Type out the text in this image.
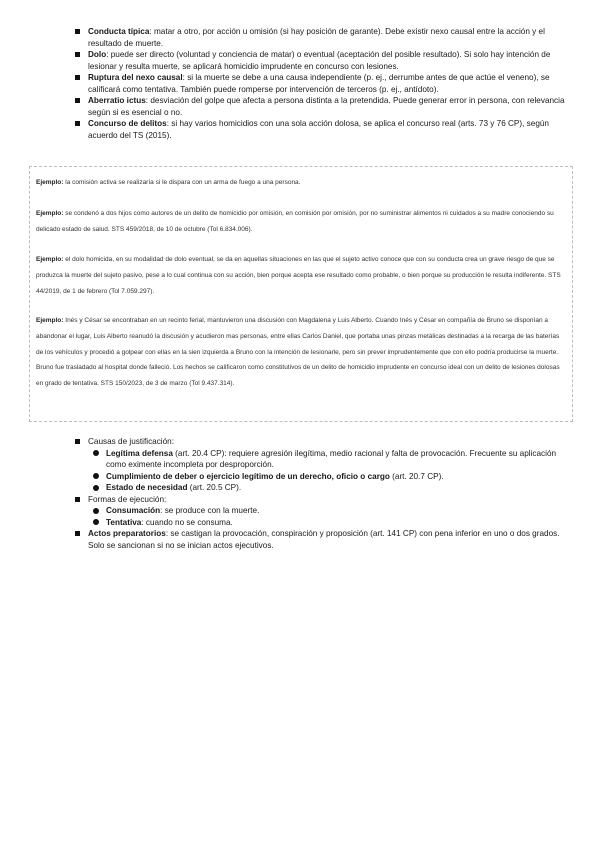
Conducta típica: matar a otro, por acción u omisión (si hay posición de garante). Debe existir nexo causal entre la acción y el resultado de muerte.
Dolo: puede ser directo (voluntad y conciencia de matar) o eventual (aceptación del posible resultado). Si solo hay intención de lesionar y resulta muerte, se aplicará homicidio imprudente en concurso con lesiones.
Ruptura del nexo causal: si la muerte se debe a una causa independiente (p. ej., derrumbe antes de que actúe el veneno), se calificará como tentativa. También puede romperse por intervención de terceros (p. ej., antídoto).
Aberratio ictus: desviación del golpe que afecta a persona distinta a la pretendida. Puede generar error in persona, con relevancia según si es esencial o no.
Concurso de delitos: si hay varios homicidios con una sola acción dolosa, se aplica el concurso real (arts. 73 y 76 CP), según acuerdo del TS (2015).
Ejemplo: la comisión activa se realizaría si le dispara con un arma de fuego a una persona.
Ejemplo: se condenó a dos hijos como autores de un delito de homicidio por omisión, en comisión por omisión, por no suministrar alimentos ni cuidados a su madre conociendo su delicado estado de salud. STS 459/2018, de 10 de octubre (Tol 6.834.006).
Ejemplo: el dolo homicida, en su modalidad de dolo eventual, se da en aquellas situaciones en las que el sujeto activo conoce que con su conducta crea un grave riesgo de que se produzca la muerte del sujeto pasivo, pese a lo cual continua con su acción, bien porque acepta ese resultado como probable, o bien porque su producción le resulta indiferente. STS 44/2019, de 1 de febrero (Tol 7.059.297).
Ejemplo: Inés y César se encontraban en un recinto ferial, mantuvieron una discusión con Magdalena y Luis Alberto. Cuando Inés y César en compañía de Bruno se disponían a abandonar el lugar, Luis Alberto reanudó la discusión y acudieron mas personas, entre ellas Carlos Daniel, que portaba unas pinzas metálicas destinadas a la recarga de las baterías de los vehículos y procedió a golpear con ellas en la sien izquierda a Bruno con la intención de lesionarle, pero sin prever imprudentemente que con ello podría producirse la muerte. Bruno fue trasladado al hospital donde falleció. Los hechos se calificaron como constitutivos de un delito de homicidio imprudente en concurso ideal con un delito de lesiones dolosas en grado de tentativa. STS 150/2023, de 3 de marzo (Tol 9.437.314).
Causas de justificación:
Legítima defensa (art. 20.4 CP): requiere agresión ilegítima, medio racional y falta de provocación. Frecuente su aplicación como eximente incompleta por desproporción.
Cumplimiento de deber o ejercicio legítimo de un derecho, oficio o cargo (art. 20.7 CP).
Estado de necesidad (art. 20.5 CP).
Formas de ejecución:
Consumación: se produce con la muerte.
Tentativa: cuando no se consuma.
Actos preparatorios: se castigan la provocación, conspiración y proposición (art. 141 CP) con pena inferior en uno o dos grados. Solo se sancionan si no se inician actos ejecutivos.
